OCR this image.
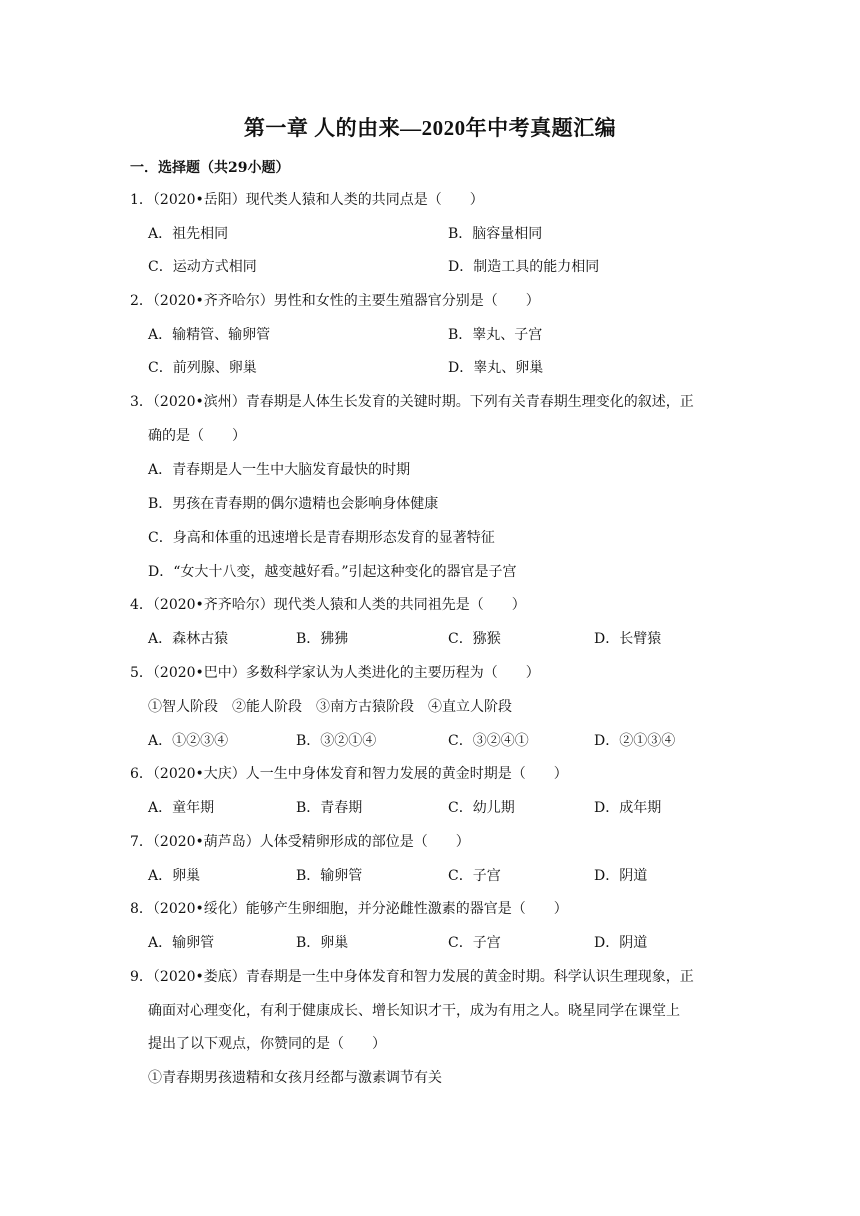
第一章 人的由来—2020年中考真题汇编
一．选择题（共29小题）
1．（2020•岳阳）现代类人猿和人类的共同点是（　　）
A．祖先相同	B．脑容量相同
C．运动方式相同	D．制造工具的能力相同
2．（2020•齐齐哈尔）男性和女性的主要生殖器官分别是（　　）
A．输精管、输卵管	B．睾丸、子宫
C．前列腺、卵巢	D．睾丸、卵巢
3．（2020•滨州）青春期是人体生长发育的关键时期。下列有关青春期生理变化的叙述，正
确的是（　　）
A．青春期是人一生中大脑发育最快的时期
B．男孩在青春期的偶尔遗精也会影响身体健康
C．身高和体重的迅速增长是青春期形态发育的显著特征
D．“女大十八变，越变越好看。”引起这种变化的器官是子宫
4．（2020•齐齐哈尔）现代类人猿和人类的共同祖先是（　　）
A．森林古猿	B．狒狒	C．猕猴	D．长臂猿
5．（2020•巴中）多数科学家认为人类进化的主要历程为（　　）
①智人阶段　②能人阶段　③南方古猿阶段　④直立人阶段
A．①②③④	B．③②①④	C．③②④①	D．②①③④
6．（2020•大庆）人一生中身体发育和智力发展的黄金时期是（　　）
A．童年期	B．青春期	C．幼儿期	D．成年期
7．（2020•葫芦岛）人体受精卵形成的部位是（　　）
A．卵巢	B．输卵管	C．子宫	D．阴道
8．（2020•绥化）能够产生卵细胞，并分泌雌性激素的器官是（　　）
A．输卵管	B．卵巢	C．子宫	D．阴道
9．（2020•娄底）青春期是一生中身体发育和智力发展的黄金时期。科学认识生理现象，正
确面对心理变化，有利于健康成长、增长知识才干，成为有用之人。晓星同学在课堂上
提出了以下观点，你赞同的是（　　）
①青春期男孩遗精和女孩月经都与激素调节有关
